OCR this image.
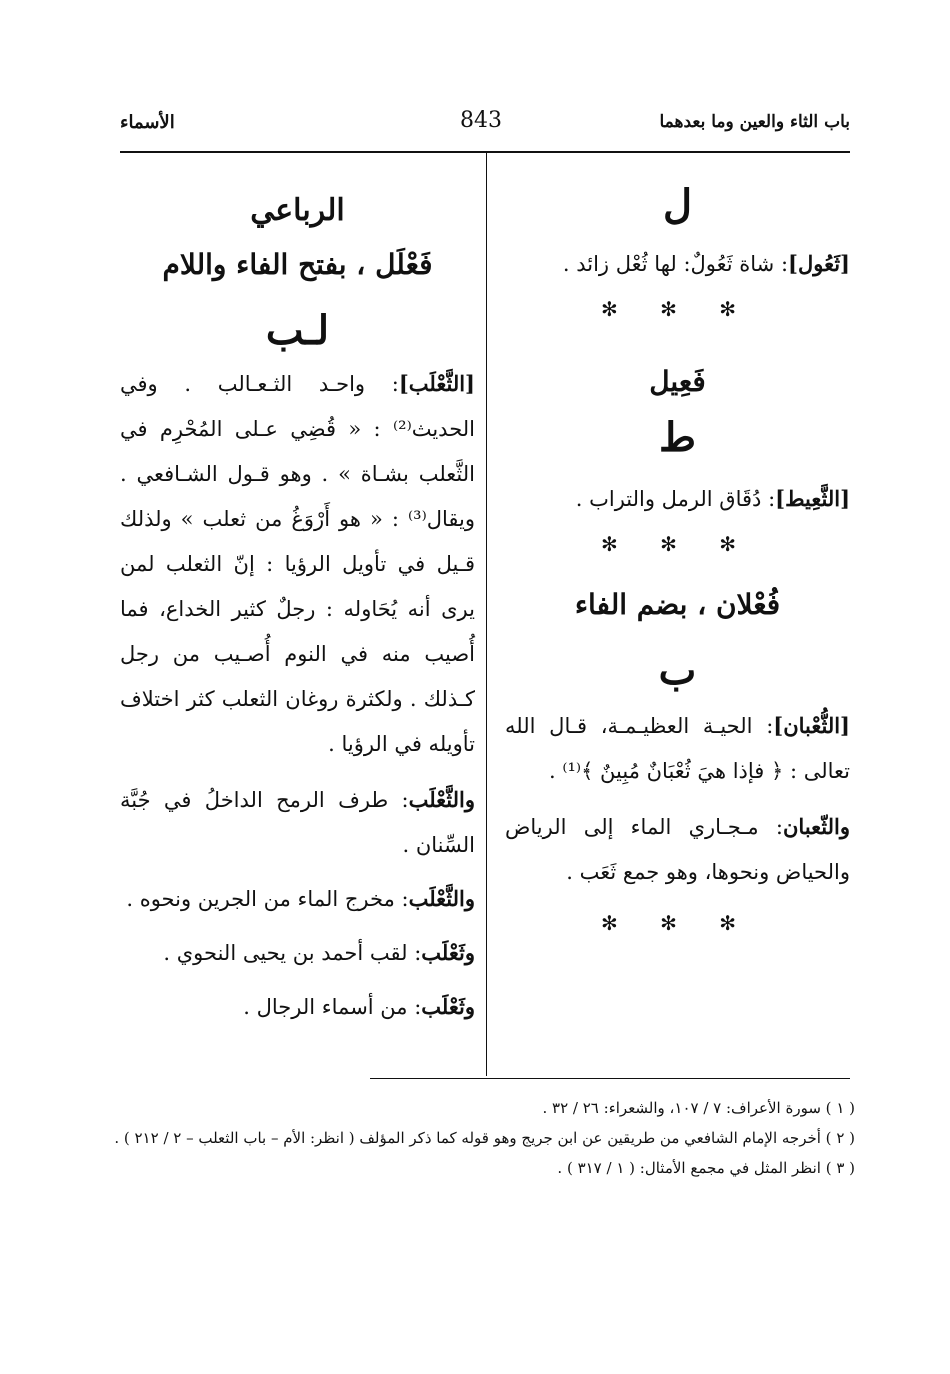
باب الثاء والعين وما بعدهما
843
الأسماء

ل

[ثَعُول]: شاة ثَعُولٌ: لها ثُعْل زائد .

✻ ✻ ✻

فَعِيل

ط

[الثَّعِيط]: دُقَاق الرمل والتراب .

✻ ✻ ✻

فُعْلان ، بضم الفاء

ب

[الثُّعْبان]: الحيـة العظيـمـة، قـال الله تعالى : ﴿ فإذا هيَ ثُعْبَانٌ مُبِينٌ ﴾⁽¹⁾ .

والثّعبان: مـجـاري الماء إلى الرياض والحياض ونحوها، وهو جمع ثَعَب .

✻ ✻ ✻

الرباعي

فَعْلَل ، بفتح الفاء واللام

لـب

[الثَّعْلَب]: واحـد الثـعـالب . وفي الحديث⁽²⁾ : « قُضِي عـلى المُحْرِم في الثَّعلب بشـاة » . وهو قـول الشـافعي . ويقال⁽³⁾ : « هو أَرْوَغُ من ثعلب » ولذلك قـيل في تأويل الرؤيا : إنّ الثعلب لمن يرى أنه يُحَاوله : رجلٌ كثير الخداع، فما أُصيب منه في النوم أُصـيب من رجل كـذلك . ولكثرة روغان الثعلب كثر اختلاف تأويله في الرؤيا .

والثَّعْلَب: طرف الرمح الداخلُ في جُبَّة السِّنان .

والثَّعْلَب: مخرج الماء من الجرين ونحوه .

وثَعْلَب: لقب أحمد بن يحيى النحوي .

وثَعْلَب: من أسماء الرجال .

( ١ ) سورة الأعراف: ٧ / ١٠٧، والشعراء: ٢٦ / ٣٢ .

( ٢ ) أخرجه الإمام الشافعي من طريقين عن ابن جريج وهو قوله كما ذكر المؤلف ( انظر: الأم – باب الثعلب – ٢ / ٢١٢ ) .

( ٣ ) انظر المثل في مجمع الأمثال: ( ١ / ٣١٧ ) .
